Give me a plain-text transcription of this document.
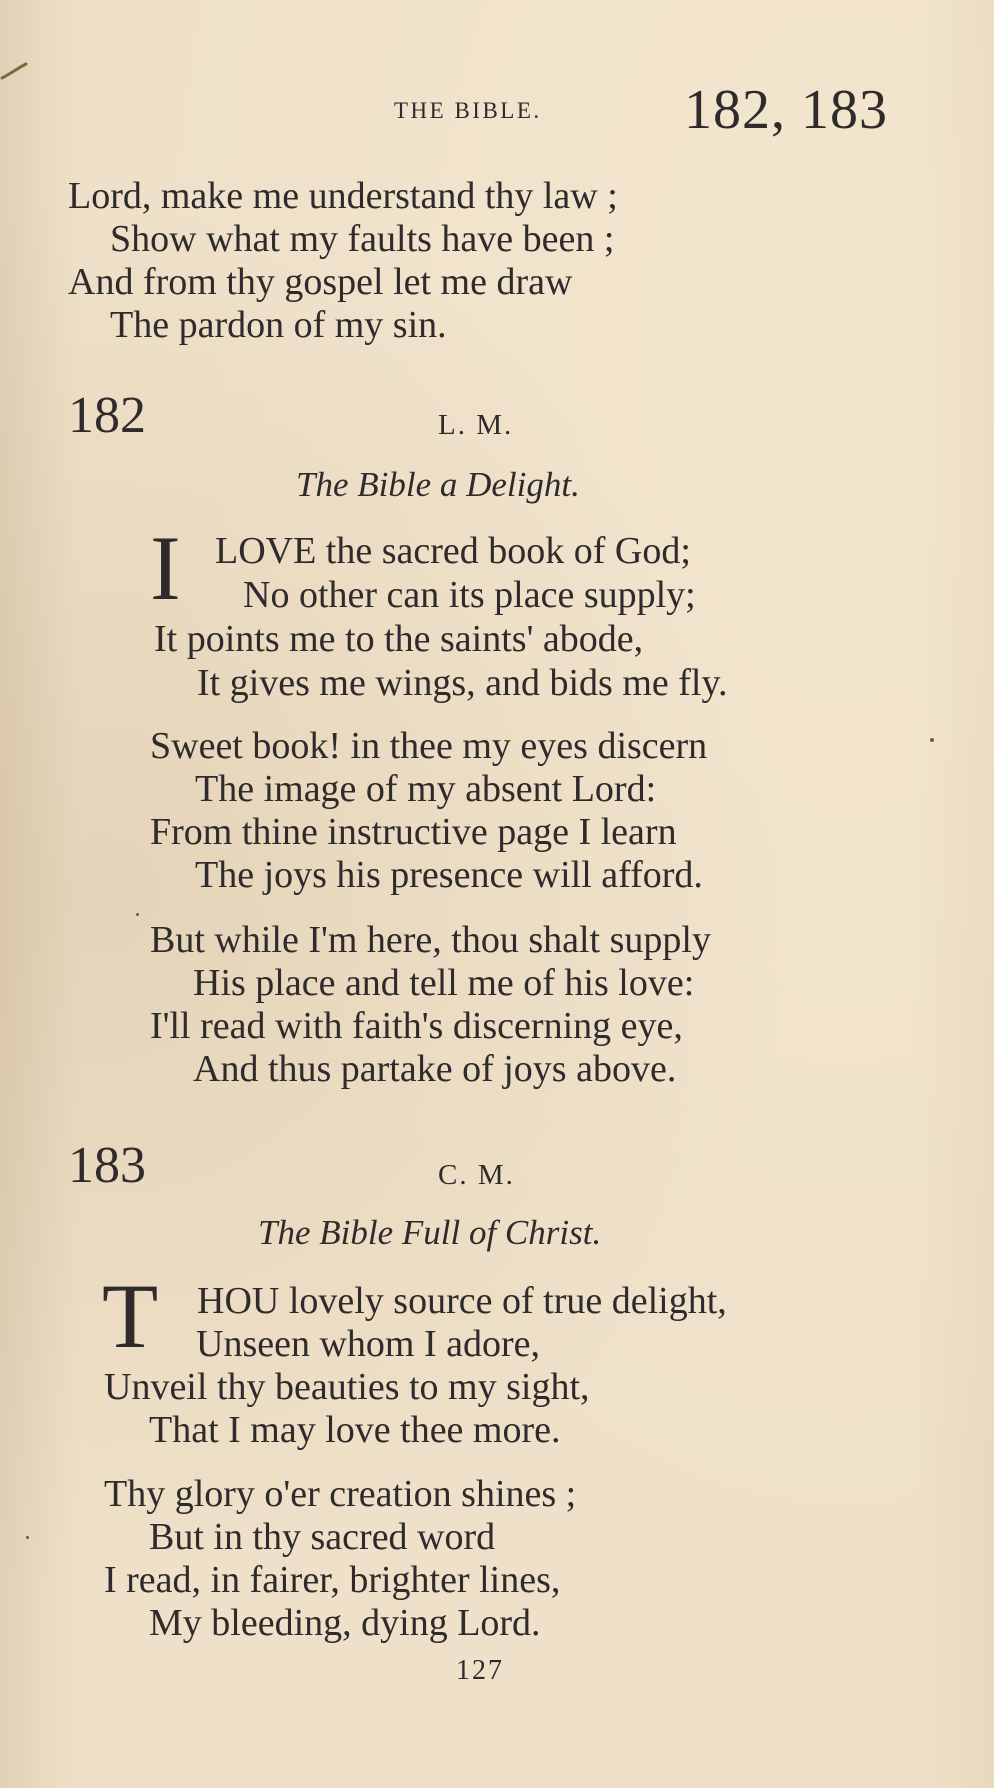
THE BIBLE.	182, 183
Lord, make me understand thy law ;
Show what my faults have been ;
And from thy gospel let me draw
The pardon of my sin.
182	L. M.
The Bible a Delight.
I LOVE the sacred book of God;
No other can its place supply;
It points me to the saints' abode,
It gives me wings, and bids me fly.
Sweet book! in thee my eyes discern
The image of my absent Lord:
From thine instructive page I learn
The joys his presence will afford.
But while I'm here, thou shalt supply
His place and tell me of his love:
I'll read with faith's discerning eye,
And thus partake of joys above.
183	C. M.
The Bible Full of Christ.
T HOU lovely source of true delight,
Unseen whom I adore,
Unveil thy beauties to my sight,
That I may love thee more.
Thy glory o'er creation shines ;
But in thy sacred word
I read, in fairer, brighter lines,
My bleeding, dying Lord.
127
